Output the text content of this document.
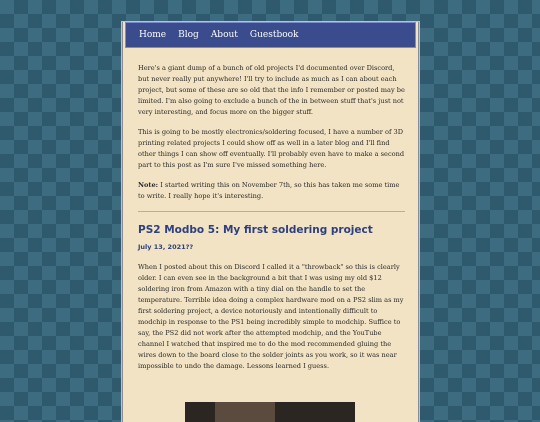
Home Blog About Guestbook

Here's a giant dump of a bunch of old projects I'd documented over Discord, but never really put anywhere! I'll try to include as much as I can about each project, but some of these are so old that the info I remember or posted may be limited. I'm also going to exclude a bunch of the in between stuff that's just not very interesting, and focus more on the bigger stuff.

This is going to be mostly electronics/soldering focused, I have a number of 3D printing related projects I could show off as well in a later blog and I'll find other things I can show off eventually. I'll probably even have to make a second part to this post as I'm sure I've missed something here.

Note: I started writing this on November 7th, so this has taken me some time to write. I really hope it's interesting.

PS2 Modbo 5: My first soldering project
July 13, 2021??

When I posted about this on Discord I called it a "throwback" so this is clearly older. I can even see in the background a bit that I was using my old $12 soldering iron from Amazon with a tiny dial on the handle to set the temperature. Terrible idea doing a complex hardware mod on a PS2 slim as my first soldering project, a device notoriously and intentionally difficult to modchip in response to the PS1 being incredibly simple to modchip. Suffice to say, the PS2 did not work after the attempted modchip, and the YouTube channel I watched that inspired me to do the mod recommended gluing the wires down to the board close to the solder joints as you work, so it was near impossible to undo the damage. Lessons learned I guess.
